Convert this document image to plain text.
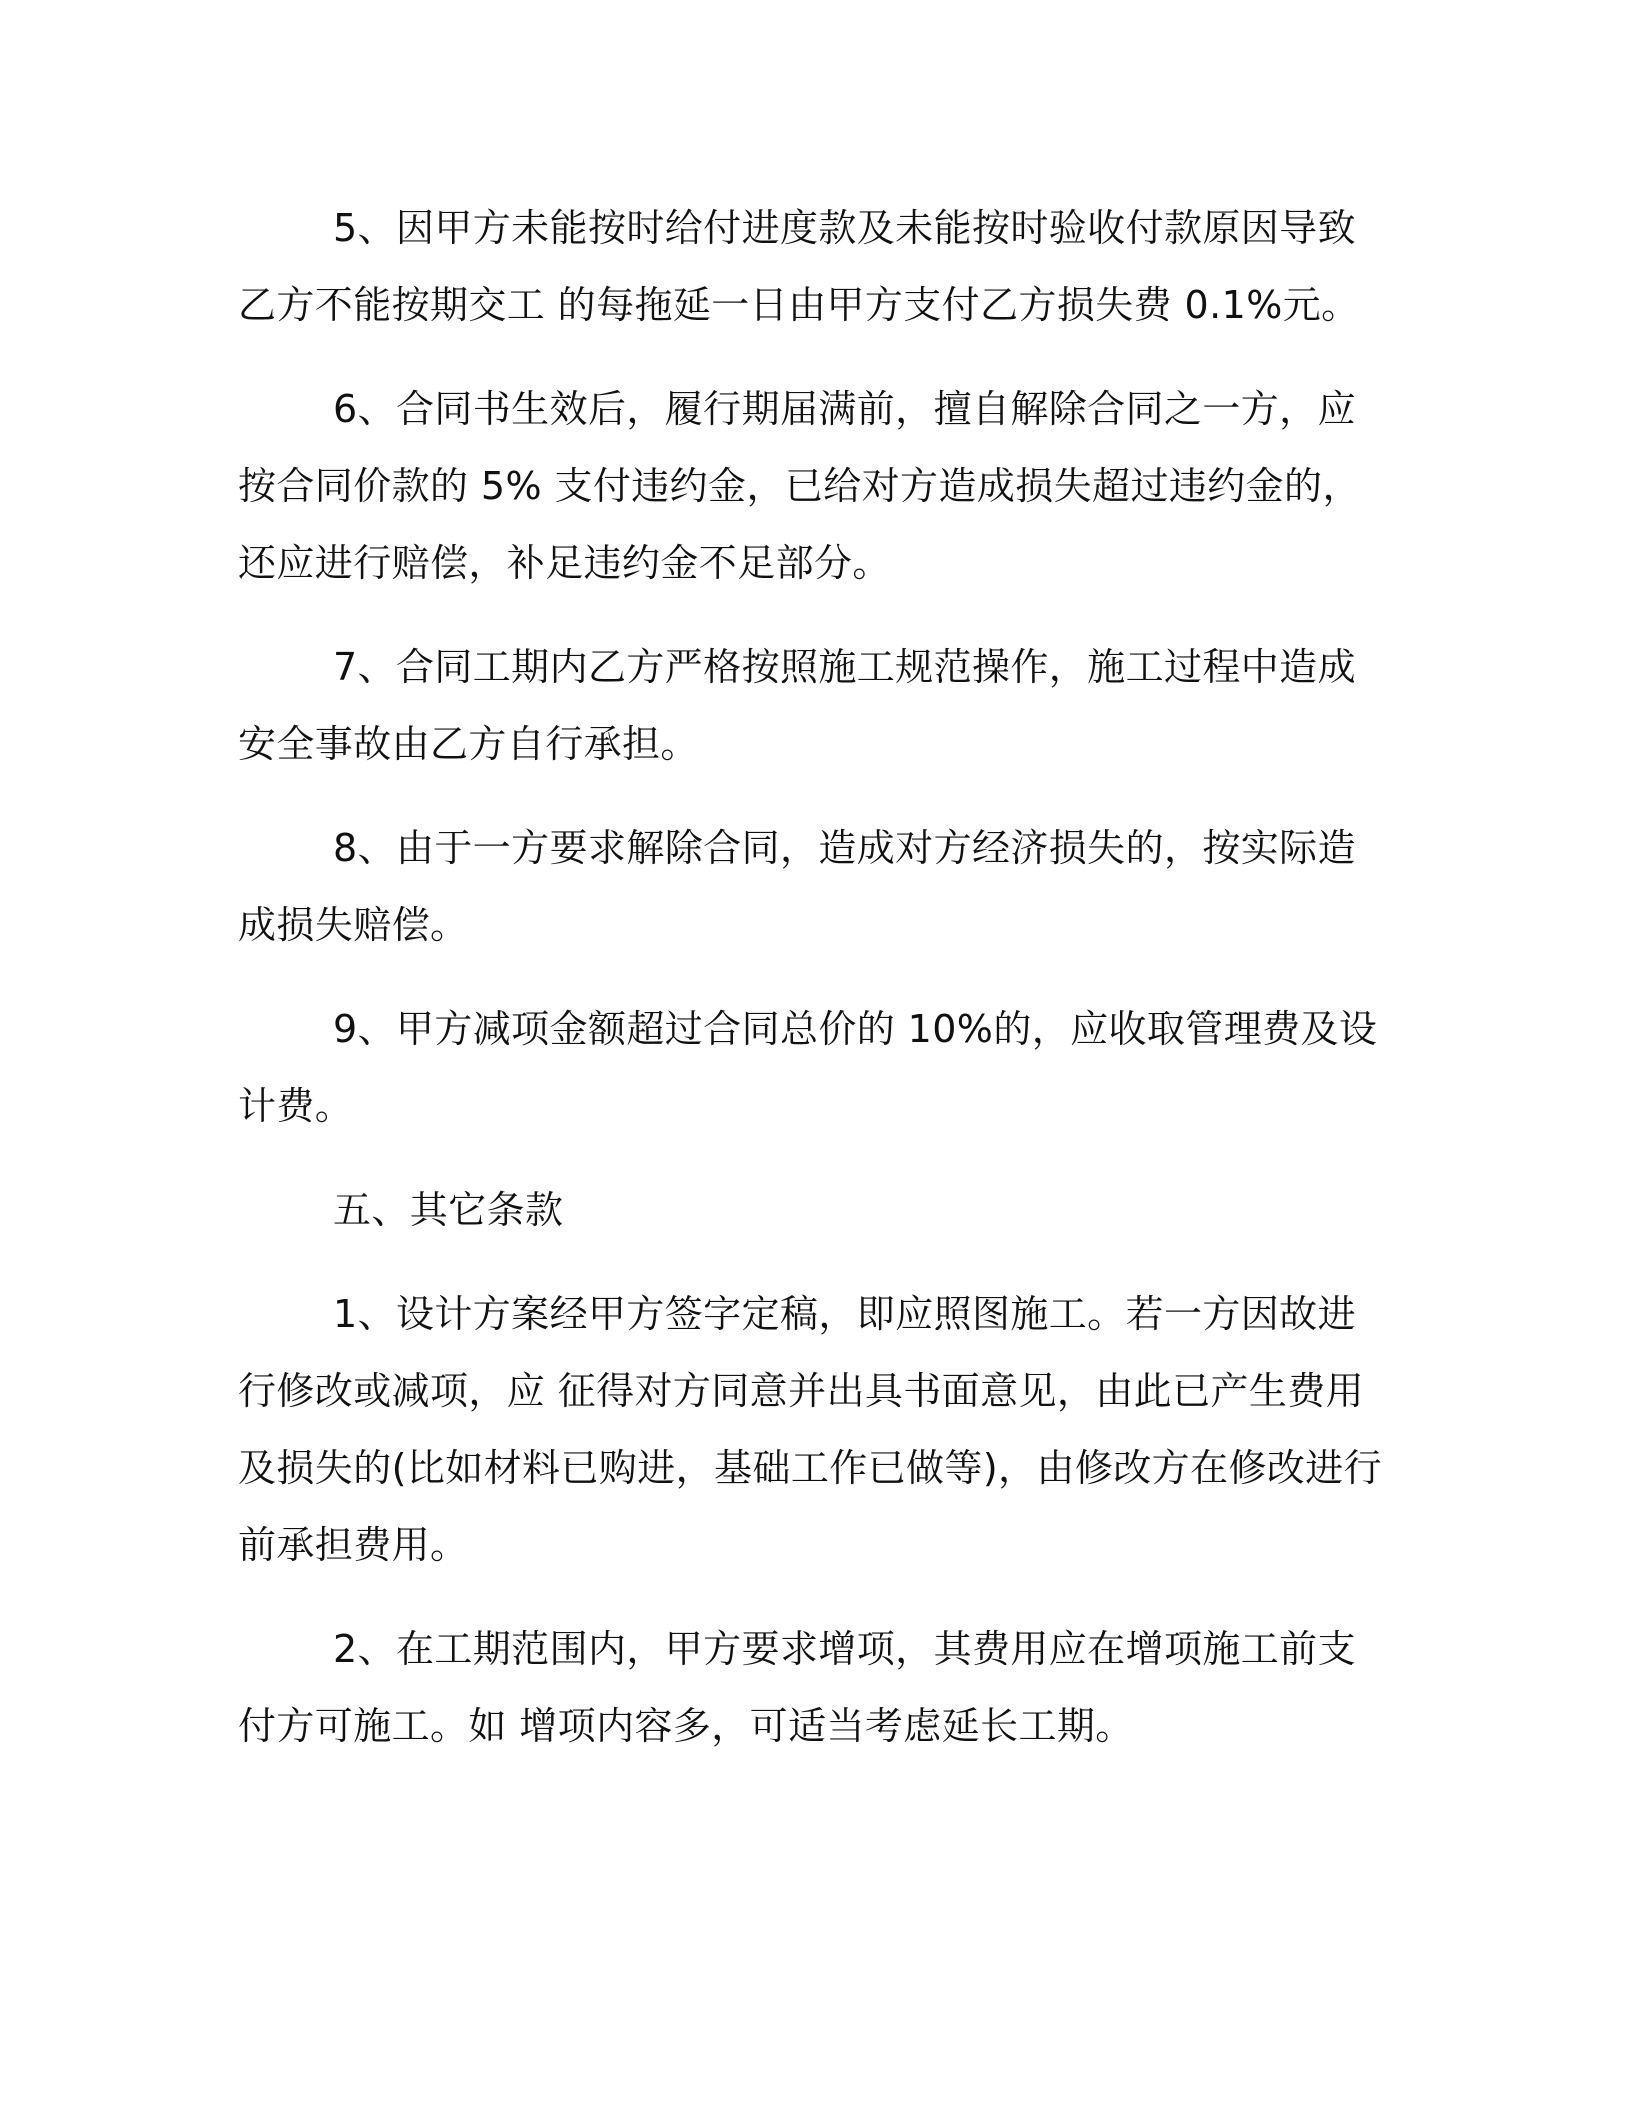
5、因甲方未能按时给付进度款及未能按时验收付款原因导致乙方不能按期交工 的每拖延一日由甲方支付乙方损失费 0.1%元。

6、合同书生效后，履行期届满前，擅自解除合同之一方，应按合同价款的 5% 支付违约金，已给对方造成损失超过违约金的，还应进行赔偿，补足违约金不足部分。

7、合同工期内乙方严格按照施工规范操作，施工过程中造成安全事故由乙方自行承担。

8、由于一方要求解除合同，造成对方经济损失的，按实际造成损失赔偿。

9、甲方减项金额超过合同总价的 10%的，应收取管理费及设计费。

五、其它条款

1、设计方案经甲方签字定稿，即应照图施工。若一方因故进行修改或减项，应 征得对方同意并出具书面意见，由此已产生费用及损失的(比如材料已购进，基础工作已做等)，由修改方在修改进行前承担费用。

2、在工期范围内，甲方要求增项，其费用应在增项施工前支付方可施工。如 增项内容多，可适当考虑延长工期。
